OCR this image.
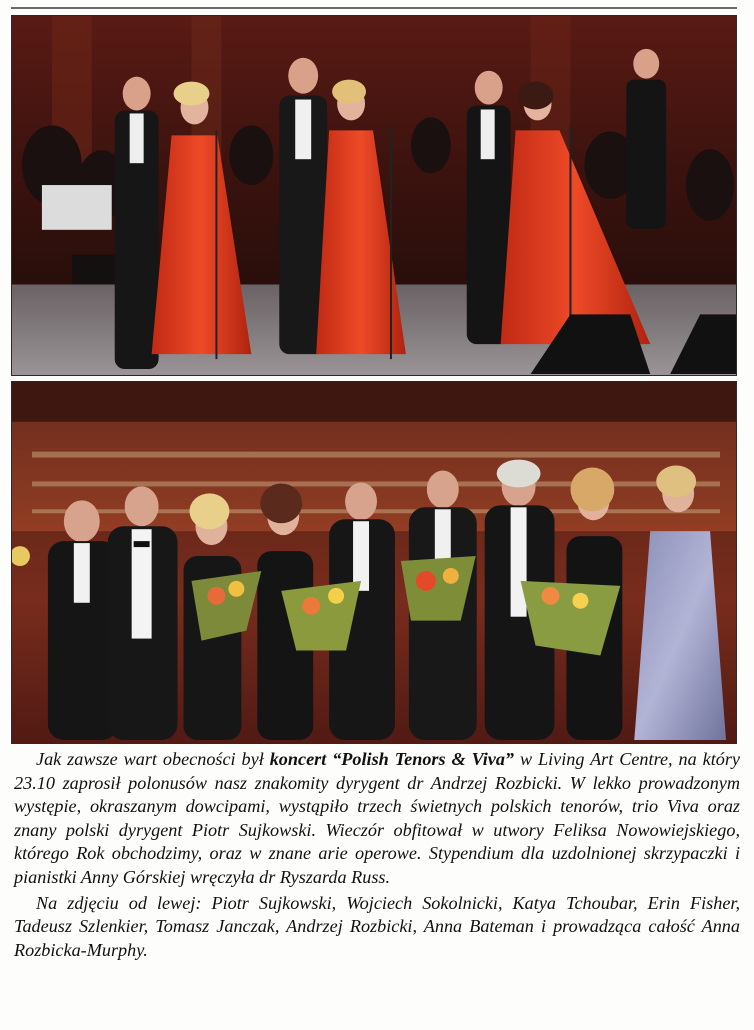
Jak zawsze wart obecności był koncert “Polish Tenors & Viva” w Living Art Centre, na który 23.10 zaprosił polonusów nasz znakomity dyrygent dr Andrzej Rozbicki. W lekko prowadzonym występie, okraszanym dowcipami, wystąpiło trzech świetnych polskich tenorów, trio Viva oraz znany polski dyrygent Piotr Sujkowski. Wieczór obfitował w utwory Feliksa Nowowiejskiego, którego Rok obchodzimy, oraz w znane arie operowe. Stypendium dla uzdolnionej skrzypaczki i pianistki Anny Górskiej wręczyła dr Ryszarda Russ.

Na zdjęciu od lewej: Piotr Sujkowski, Wojciech Sokolnicki, Katya Tchoubar, Erin Fisher, Tadeusz Szlenkier, Tomasz Janczak, Andrzej Rozbicki, Anna Bateman i prowadząca całość Anna Rozbicka-Murphy.
